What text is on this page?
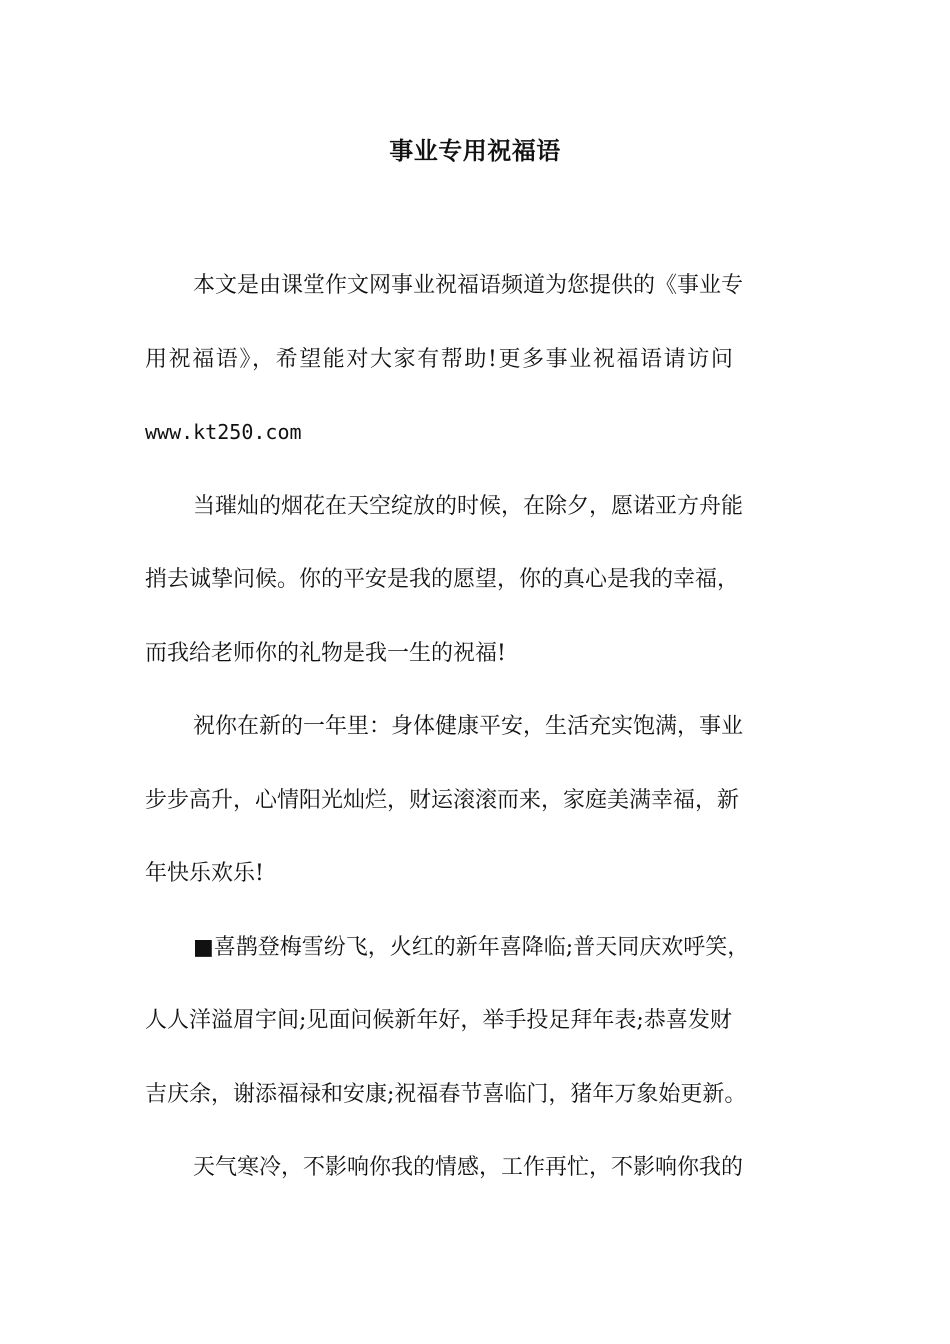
事业专用祝福语
本文是由课堂作文网事业祝福语频道为您提供的《事业专
用祝福语》，希望能对大家有帮助!更多事业祝福语请访问
www.kt250.com
当璀灿的烟花在天空绽放的时候，在除夕，愿诺亚方舟能
捎去诚挚问候。你的平安是我的愿望，你的真心是我的幸福，
而我给老师你的礼物是我一生的祝福!
祝你在新的一年里：身体健康平安，生活充实饱满，事业
步步高升，心情阳光灿烂，财运滚滚而来，家庭美满幸福，新
年快乐欢乐!
■喜鹊登梅雪纷飞，火红的新年喜降临;普天同庆欢呼笑，
人人洋溢眉宇间;见面问候新年好，举手投足拜年表;恭喜发财
吉庆余，谢添福禄和安康;祝福春节喜临门，猪年万象始更新。
天气寒冷，不影响你我的情感，工作再忙，不影响你我的
